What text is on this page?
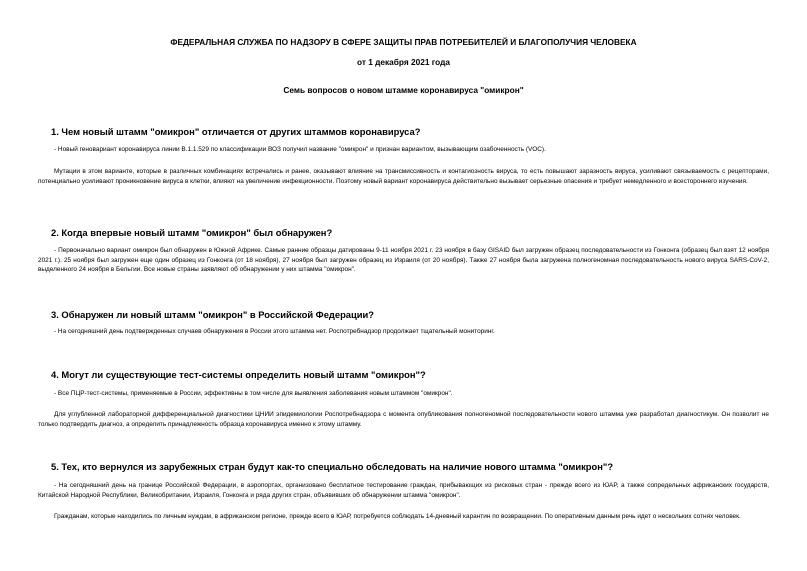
ФЕДЕРАЛЬНАЯ СЛУЖБА ПО НАДЗОРУ В СФЕРЕ ЗАЩИТЫ ПРАВ ПОТРЕБИТЕЛЕЙ И БЛАГОПОЛУЧИЯ ЧЕЛОВЕКА
от 1 декабря 2021 года
Семь вопросов о новом штамме коронавируса "омикрон"
1. Чем новый штамм "омикрон" отличается от других штаммов коронавируса?
- Новый геновариант коронавируса линии B.1.1.529 по классификации ВОЗ получил название "омикрон" и признан вариантом, вызывающим озабоченность (VOC).
Мутации в этом варианте, которые в различных комбинациях встречались и ранее, оказывают влияние на трансмиссивность и контагиозность вируса, то есть повышают заразность вируса, усиливают связываемость с рецепторами, потенциально усиливают проникновение вируса в клетки, влияют на увеличение инфекционности. Поэтому новый вариант коронавируса действительно вызывает серьезные опасения и требует немедленного и всестороннего изучения.
2. Когда впервые новый штамм "омикрон" был обнаружен?
- Первоначально вариант омикрон был обнаружен в Южной Африке. Самые ранние образцы датированы 9-11 ноября 2021 г. 23 ноября в базу GISAID был загружен образец последовательности из Гонконга (образец был взят 12 ноября 2021 г.). 25 ноября был загружен еще один образец из Гонконга (от 18 ноября), 27 ноября был загружен образец из Израиля (от 20 ноября). Также 27 ноября была загружена полногеномная последовательность нового вируса SARS-CoV-2, выделенного 24 ноября в Бельгии. Все новые страны заявляют об обнаружении у них штамма "омикрон".
3. Обнаружен ли новый штамм "омикрон" в Российской Федерации?
- На сегодняшний день подтвержденных случаев обнаружения в России этого штамма нет. Роспотребнадзор продолжает тщательный мониторинг.
4. Могут ли существующие тест-системы определить новый штамм "омикрон"?
- Все ПЦР-тест-системы, применяемые в России, эффективны в том числе для выявления заболевания новым штаммом "омикрон".
Для углубленной лабораторной дифференциальной диагностики ЦНИИ эпидемиологии Роспотребнадзора с момента опубликования полногеномной последовательности нового штамма уже разработал диагностикум. Он позволит не только подтвердить диагноз, а определить принадлежность образца коронавируса именно к этому штамму.
5. Тех, кто вернулся из зарубежных стран будут как-то специально обследовать на наличие нового штамма "омикрон"?
- На сегодняшний день на границе Российской Федерации, в аэропортах, организовано бесплатное тестирование граждан, прибывающих из рисковых стран - прежде всего из ЮАР, а также сопредельных африканских государств, Китайской Народной Республики, Великобритании, Израиля, Гонконга и ряда других стран, объявивших об обнаружении штамма "омикрон".
Гражданам, которые находились по личным нуждам, в африканском регионе, прежде всего в ЮАР, потребуется соблюдать 14-дневный карантин по возвращении. По оперативным данным речь идет о нескольких сотнях человек.
